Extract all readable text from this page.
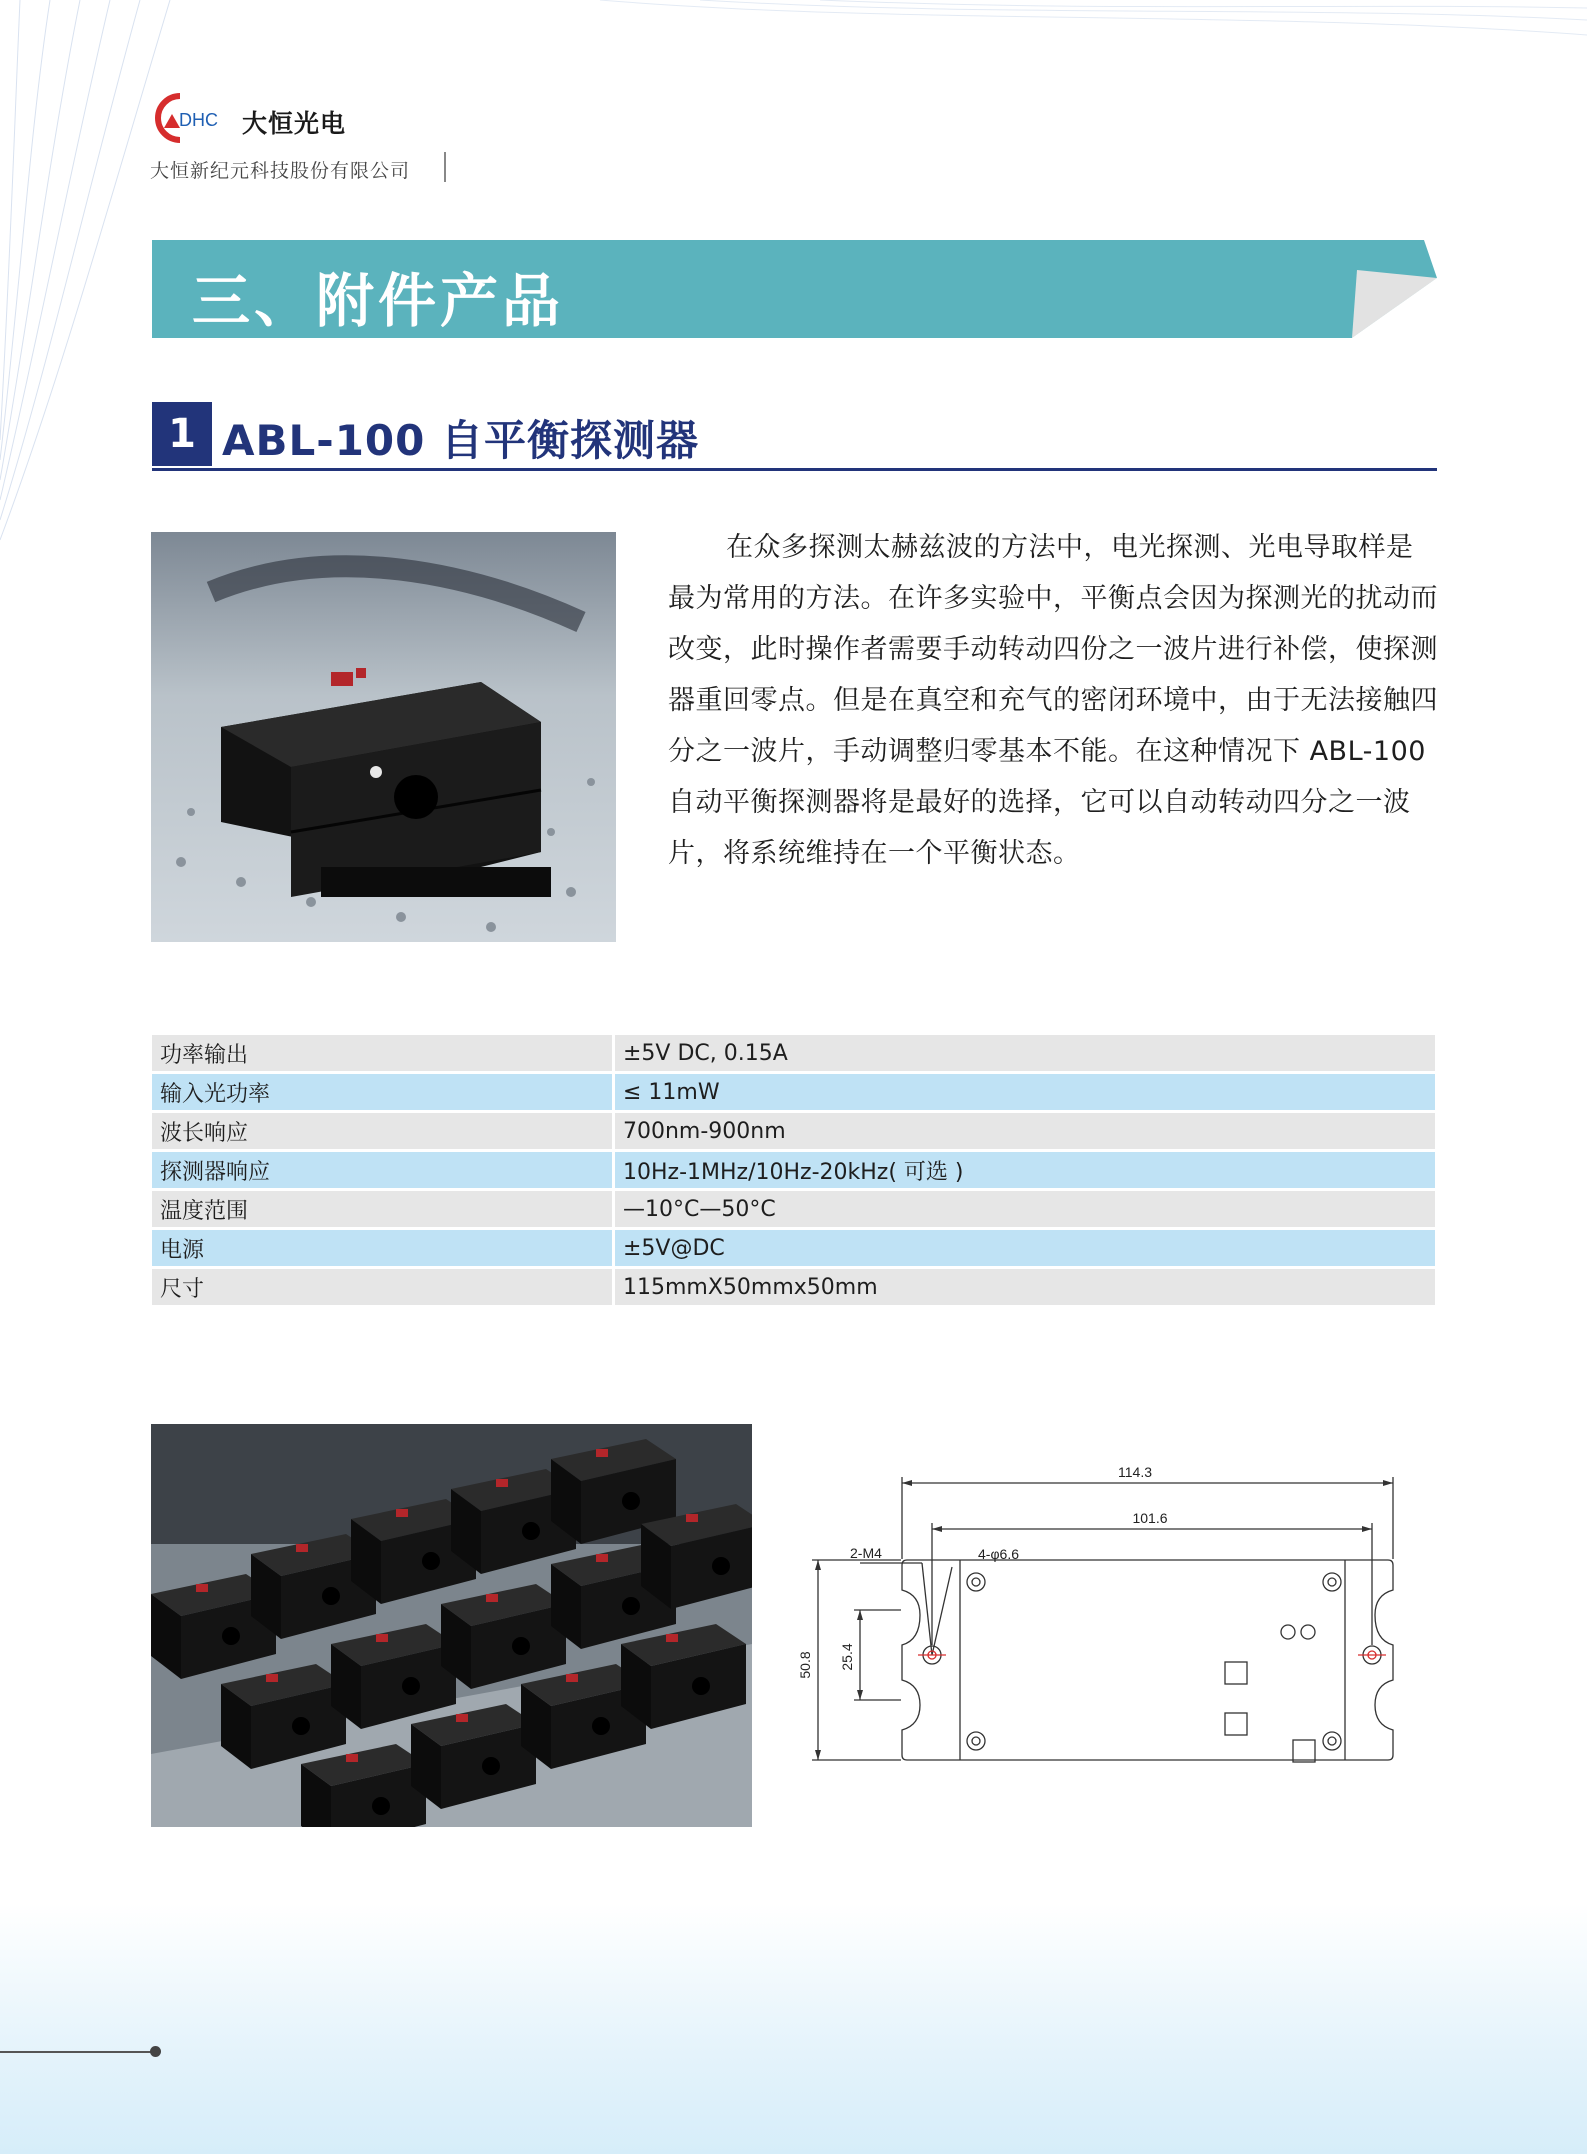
DHC 大恒光电
大恒新纪元科技股份有限公司
三、附件产品
1 ABL-100 自平衡探测器
在众多探测太赫兹波的方法中，电光探测、光电导取样是最为常用的方法。在许多实验中，平衡点会因为探测光的扰动而改变，此时操作者需要手动转动四份之一波片进行补偿，使探测器重回零点。但是在真空和充气的密闭环境中，由于无法接触四分之一波片，手动调整归零基本不能。在这种情况下 ABL-100 自动平衡探测器将是最好的选择，它可以自动转动四分之一波片，将系统维持在一个平衡状态。
功率输出	±5V DC, 0.15A
输入光功率	≤ 11mW
波长响应	700nm-900nm
探测器响应	10Hz-1MHz/10Hz-20kHz( 可选 )
温度范围	—10°C—50°C
电源	±5V@DC
尺寸	115mmX50mmx50mm
114.3
101.6
2-M4	4-φ6.6
50.8 25.4
